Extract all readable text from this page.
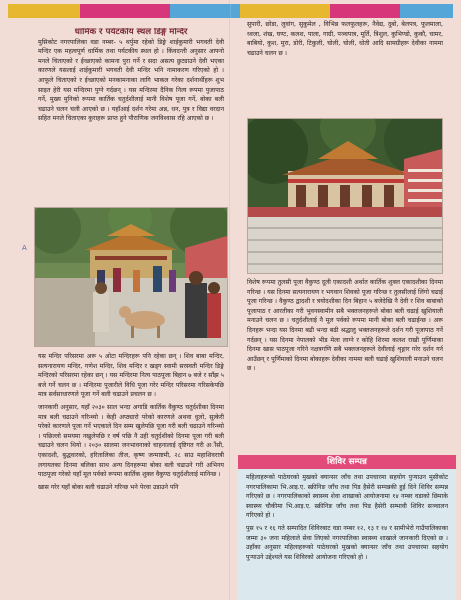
धार्मिक र पर्यटकीय स्थल डिङ्गे मन्दिर

मुसिकोट नगरपालिका वडा नम्बर- ५ थर्पुमा रहेको डिङ्गे शाईकुमारी भगवती देवी मन्दिर एक महत्वपूर्ण धार्मिक तथा पर्यटकीय स्थल हो । किंवदन्ती अनुसार आफ्नो मनले चिताएको र ईच्छाएको कामना पुरा गर्ने र सदा असत्य छुट्याउने देवी भएका कारणले यसलाई शाईकुमारी भगवती देवी मन्दिर भनि नामाकरण गरिएको हो । आफूले चिताएको र ईच्छाएको मनकामनाका लागि भाकल गरेका दर्शनार्थीहरू शुभ साइत हेरी यस मन्दिरमा पुग्ने गर्दछन् । यस मन्दिरमा दैनिक नित्य रूपमा पुजापाठ गर्ने, मुख्य मुनिको रूपमा कार्तिक चतुर्दशीलाई मानी विशेष पूजा गर्ने, बोका बली चढाउने चलन चली आएको छ । यहाँआई दर्शन गरेमा अन्न, धन, पुत्र र विद्या वरदान सहित मनले चिताएका कुराहरू प्राप्त हुने पौराणिक जनविश्वास रहि आएको छ ।

यस मन्दिर परिसरमा अरू ५ ओटा मन्दिरहरू पनि रहेका छन् । शिव बाबा मन्दिर, सत्यनारायण मन्दिर, गणेश मन्दिर, शिव मन्दिर र खड्ग स्वामी सरस्वती मन्दिर डिङ्गे मन्दिरको परिसरमा रहेका छन् । यस मन्दिरमा नित्य पाठपूजा बिहान ७ बजे र साँझ ५ बजे गर्ने चलन छ । मन्दिरमा पूजारीले विधि पूजा गरेर मन्दिर परिसरमा गरिसकेपछि मात्र सर्वसाधारणले पूजा गर्ने बली चढाउने प्रचलन छ ।

जानकारी अनुसार, यहाँ २०३० साल भन्दा अगाडि कार्तिक वैकुण्ठ चतुर्दशीका दिनमा मात्र बली चढाउने गरिन्थ्यो । केही अप्ठ्यारो परेको कारणले अथवा धुलो, सुत्केरी परेको कारणले पूजा गर्ने भएकाले दिन सम्म खुलेपछि पूजा गरी बली चढाउने गरिन्थ्यो । पछिल्लो समयमा नखुलेपछि र वर्ष पछि नै उही चतुर्दशीको दिनमा पूजा गरी बली चढाउने चलन थियो । २०३० सालमा जनभावनाको चाहनालाई दृष्टिगत गरी अौंसी, एकादशी, बुद्धवारको, हरितालिका तीज, कृष्ण जन्माष्टमी, २८ साउ महाशिवरात्री लगायतका दिनमा बलिका साथ अन्य दिनहरूमा बोका बली चढाउने गरी अभिनय पाठपूजा गरेको यहाँ मूल पर्वको रूपमा कार्तिक शुक्ल वैकुण्ठ चतुर्दशीलाई मानिन्छ ।

खास गरेर यहाँ बोका बली चढाउने गरिन्छ भने पेरवा उडाउने पनि

A

सुपारी, छोडा, लुवांग, सुकुमेल , विभिन्न फलफूलहरू, नैवेद्य, दुबो, बेलपत्र, फूलमाला, ध्वजा, शंख, घण्ट, कलश, पाला, गाग्री, पञ्चपात्र, मूर्ति, त्रिशुल, कुभिण्डो, कुकौ, चामर, बाबियो, कुश, मुरा, डोरी, टिकुली, चोली, चोली, धोती आदि सामग्रीहरू देवीका नाममा चढाउने चलन छ ।

विशेष रूपमा तुलसी पूजा वैकुण्ठ दूली एकादशी अर्थात कार्तिक शुक्ल एकादशीका दिनमा गरिन्छ । यस दिनमा सत्यनारायण र भगवान शिवको पूजा गरिन्छ र तुलसीलाई लिंगो चढाई पूजा गरिन्छ । वैकुण्ठ द्वादशी र त्रयोदशीका दिन बिहान ५ बजेदेखि नै देवी र शिव बाबाको पूजापाठ र आरतीका गरी भुवनस्वामीन सबै भक्तजनहरूले बोका बली चढाई खुशियाली मनाउने चलन छ । चतुर्दशीलाई नै मूल पर्वको रूपमा मानी बोका बली चढाईन्छ । अरू दिनहरू भन्दा यस दिनमा बढी भन्दा बढी श्रद्धालु भक्तजनहरूले दर्शन गरी पूजापाठ गर्ने गर्दछन् । यस दिनमा नेपालको भीड मेला लाग्ने र कोहि शिरमा कलश राखी पूर्णिमाका दिनमा खास पाठपूजा गरिने नक्षत्रगणि सबै भक्तजनहरूले देवीलाई शृङ्गार गरेर दर्शन गर्न आउँछन् र पूर्णिमाको दिनमा बोकाहरू देवीका नाममा बली चढाई खुशियाली मनाउने चलन छ ।

शिविर सम्पन्न

महिलाहरूको पाठेघरको मुखको क्यान्सर जाँच तथा उपचारमा सहयोग पुऱ्याउन मुसीकोट नगरपालिकामा भि.आइ.ए. स्क्रीनिङ जाँच तथा पिड हैसेरी सम्पन्नकी हुई दिने शिविर सम्पन्न गरिएको छ । नगरपालिकाको स्वास्थ्य शेवा शाखाको आयोजनामा १४ नम्बर वडाको छिमाके स्वास्थ्य चौकीमा भि.आइ.ए. स्क्रीनिङ जाँच तथा पिड हैसेरी सम्भावी शिविर सञ्चालन गरिएको हो ।

पुस १५ र १६ गते सम्पादित शिविरबाट वडा नम्बर १२, १३ र १४ र सामीभेरो गाउँपालिकाका जम्मा ३० जना महिलाले सेवा लिएको नगरपालिका स्वास्थ्य शाखाले जानकारी दिएको छ । उहाँका अनुसार महिलाहरूको पाठेघरको मुखको क्यान्सर जाँच तथा उपचारमा सहयोग पुऱ्याउने उद्देश्यले यस शिविरको आयोजना गरिएको हो ।
